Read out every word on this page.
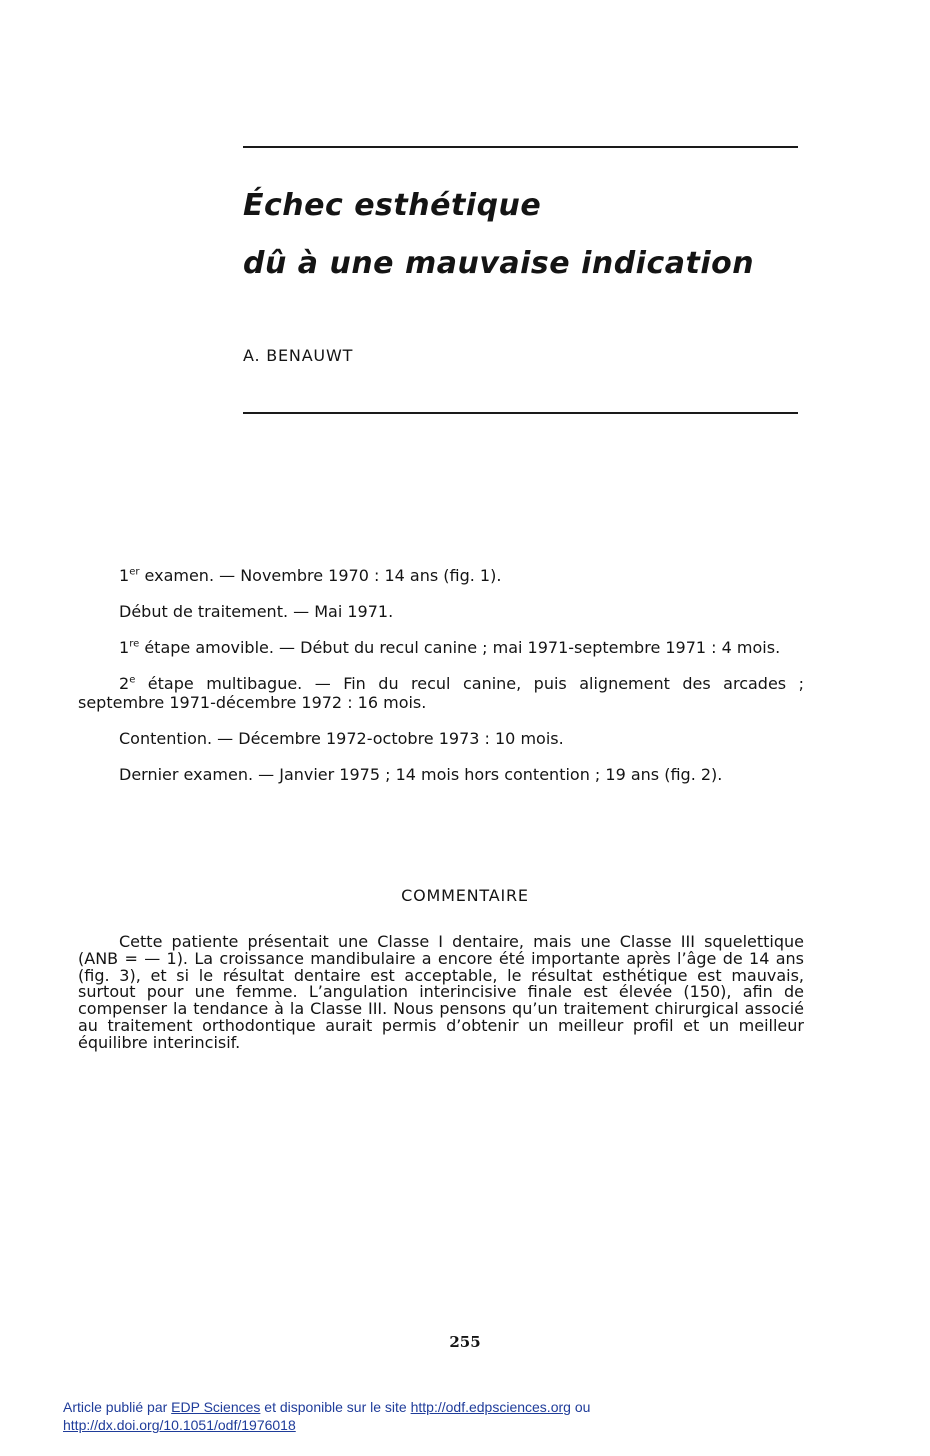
Échec esthétique
dû à une mauvaise indication
A. BENAUWT

1er examen. — Novembre 1970 : 14 ans (fig. 1).

Début de traitement. — Mai 1971.

1re étape amovible. — Début du recul canine ; mai 1971-septembre 1971 : 4 mois.

2e étape multibague. — Fin du recul canine, puis alignement des arcades ; septembre 1971-décembre 1972 : 16 mois.

Contention. — Décembre 1972-octobre 1973 : 10 mois.

Dernier examen. — Janvier 1975 ; 14 mois hors contention ; 19 ans (fig. 2).

COMMENTAIRE

Cette patiente présentait une Classe I dentaire, mais une Classe III squelettique (ANB = — 1). La croissance mandibulaire a encore été importante après l’âge de 14 ans (fig. 3), et si le résultat dentaire est acceptable, le résultat esthétique est mauvais, surtout pour une femme. L’angulation interincisive finale est élevée (150), afin de compenser la tendance à la Classe III. Nous pensons qu’un traitement chirurgical associé au traitement orthodontique aurait permis d’obtenir un meilleur profil et un meilleur équilibre interincisif.

255
Article publié par EDP Sciences et disponible sur le site http://odf.edpsciences.org ou
http://dx.doi.org/10.1051/odf/1976018
